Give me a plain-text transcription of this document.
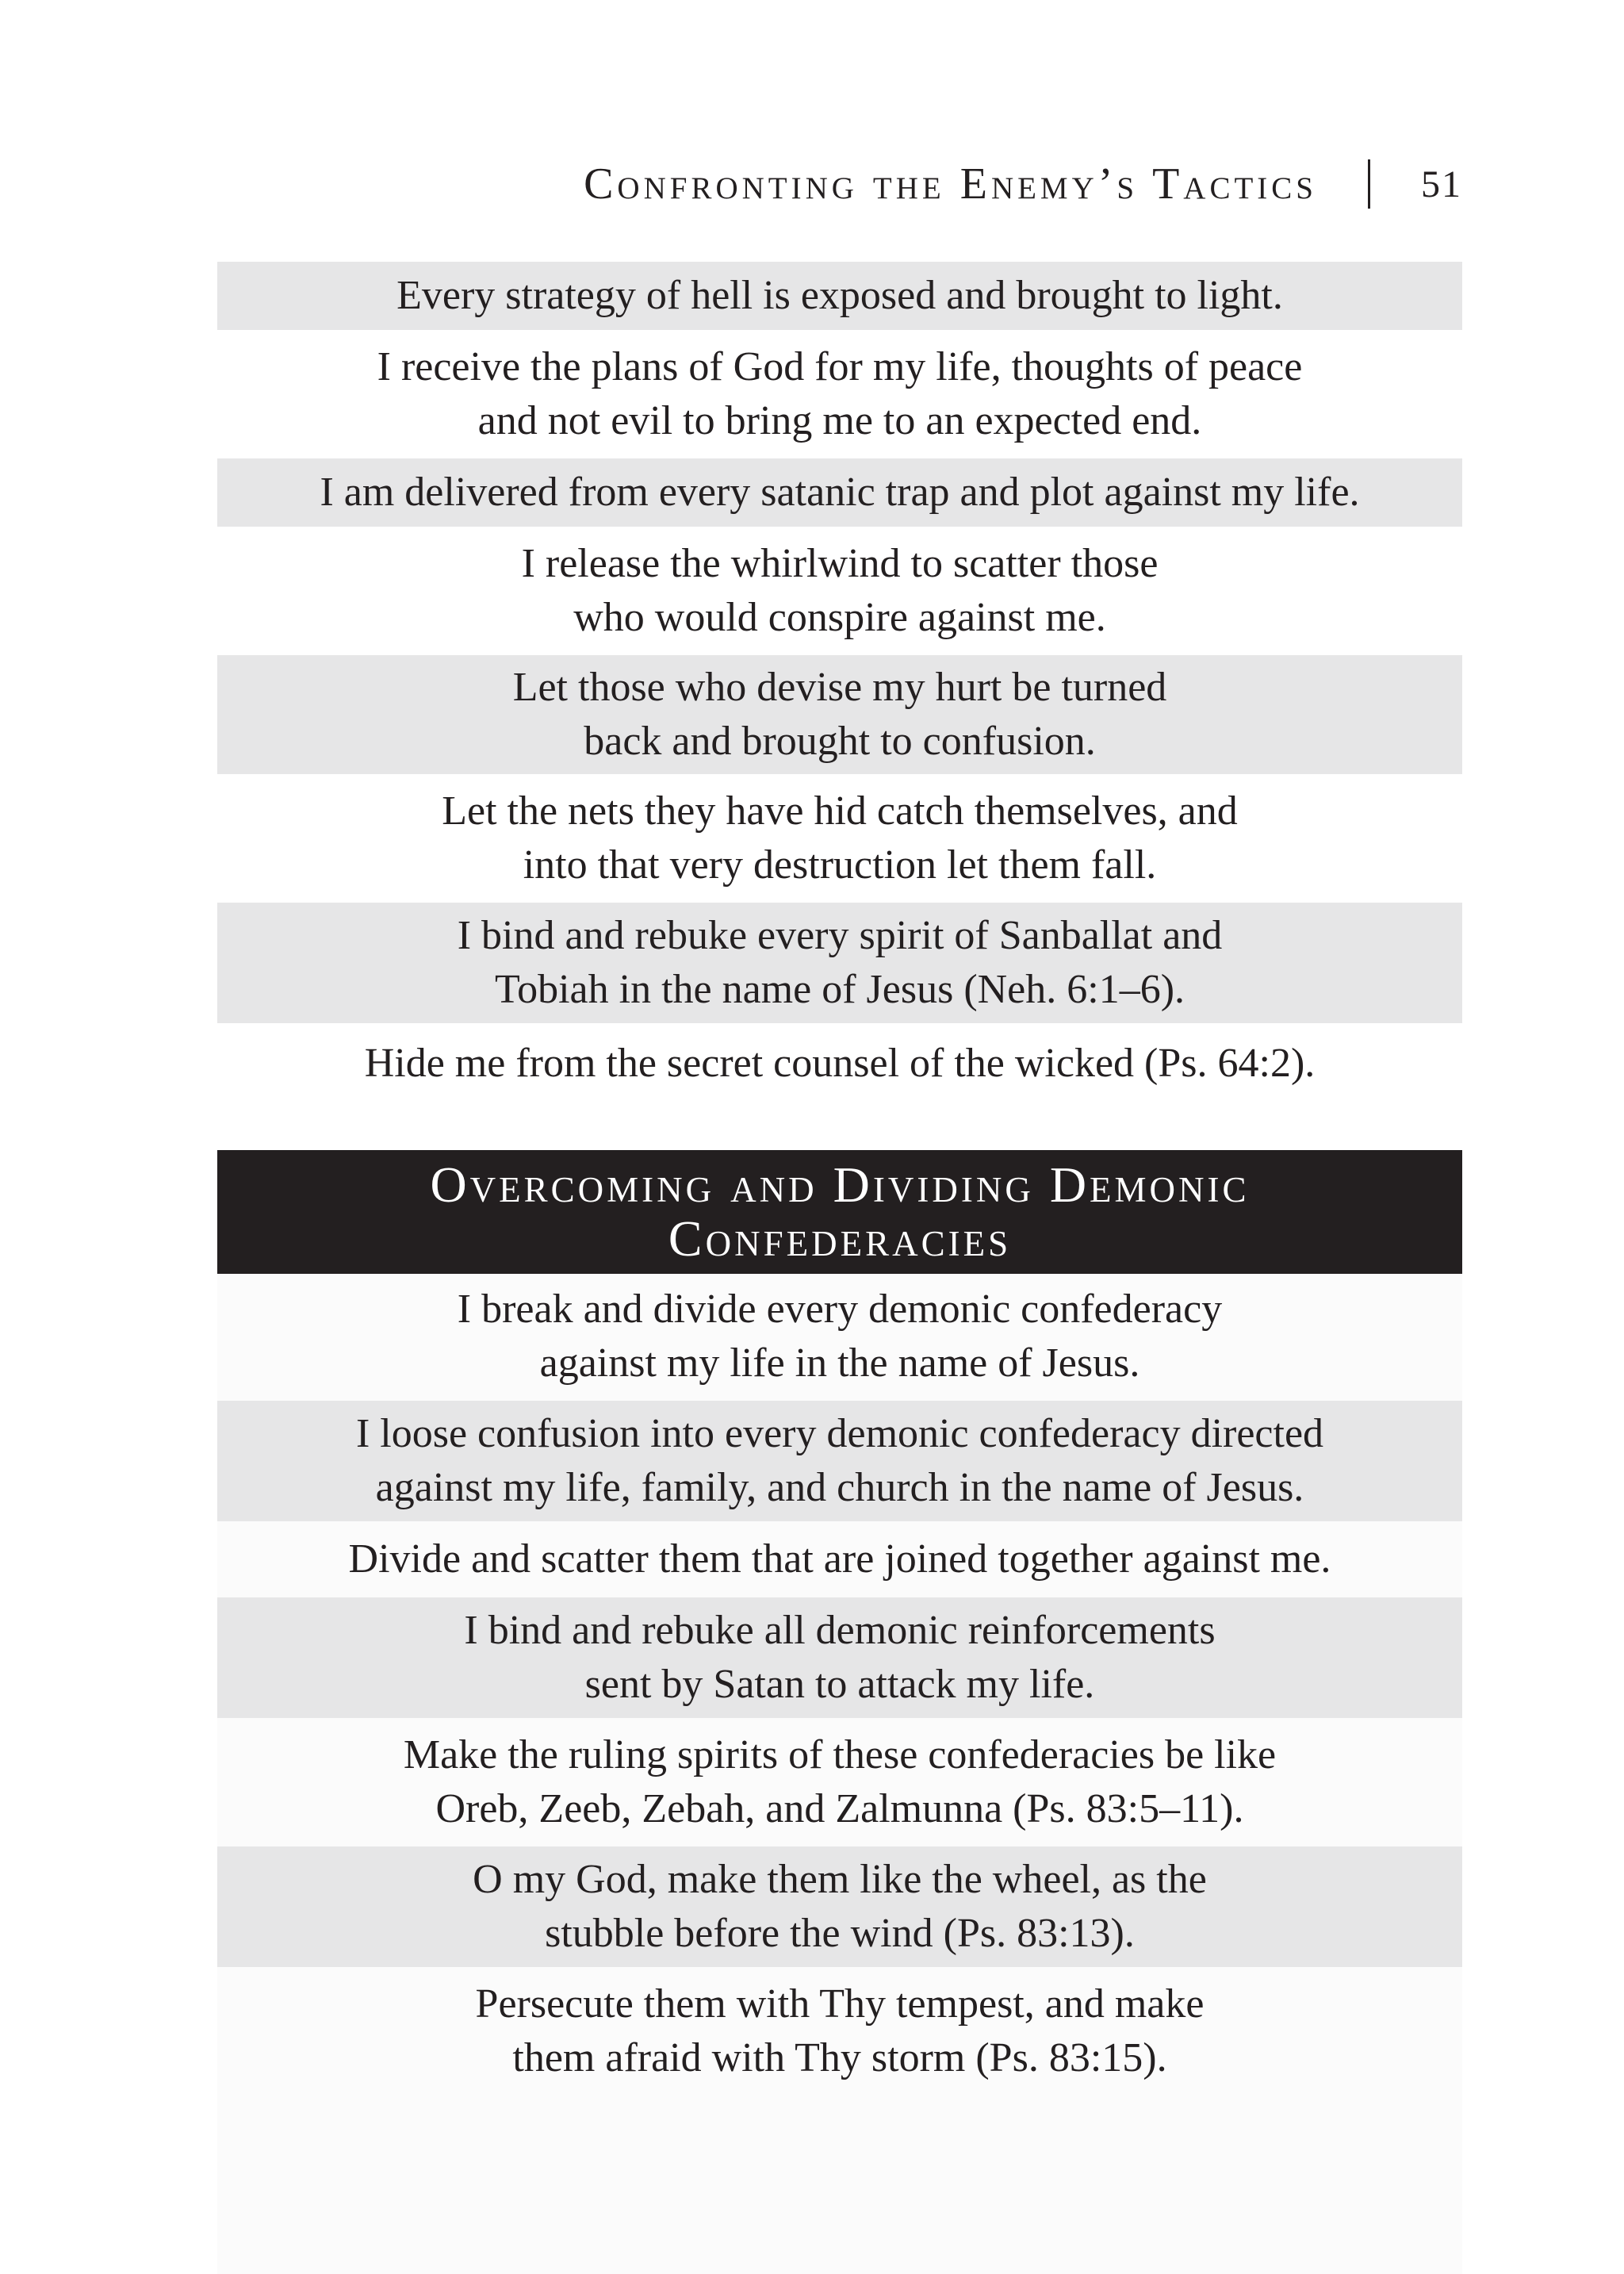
Confronting the Enemy’s Tactics	51
Every strategy of hell is exposed and brought to light.
I receive the plans of God for my life, thoughts of peace
and not evil to bring me to an expected end.
I am delivered from every satanic trap and plot against my life.
I release the whirlwind to scatter those
who would conspire against me.
Let those who devise my hurt be turned
back and brought to confusion.
Let the nets they have hid catch themselves, and
into that very destruction let them fall.
I bind and rebuke every spirit of Sanballat and
Tobiah in the name of Jesus (Neh. 6:1–6).
Hide me from the secret counsel of the wicked (Ps. 64:2).
Overcoming and Dividing Demonic
Confederacies
I break and divide every demonic confederacy
against my life in the name of Jesus.
I loose confusion into every demonic confederacy directed
against my life, family, and church in the name of Jesus.
Divide and scatter them that are joined together against me.
I bind and rebuke all demonic reinforcements
sent by Satan to attack my life.
Make the ruling spirits of these confederacies be like
Oreb, Zeeb, Zebah, and Zalmunna (Ps. 83:5–11).
O my God, make them like the wheel, as the
stubble before the wind (Ps. 83:13).
Persecute them with Thy tempest, and make
them afraid with Thy storm (Ps. 83:15).
